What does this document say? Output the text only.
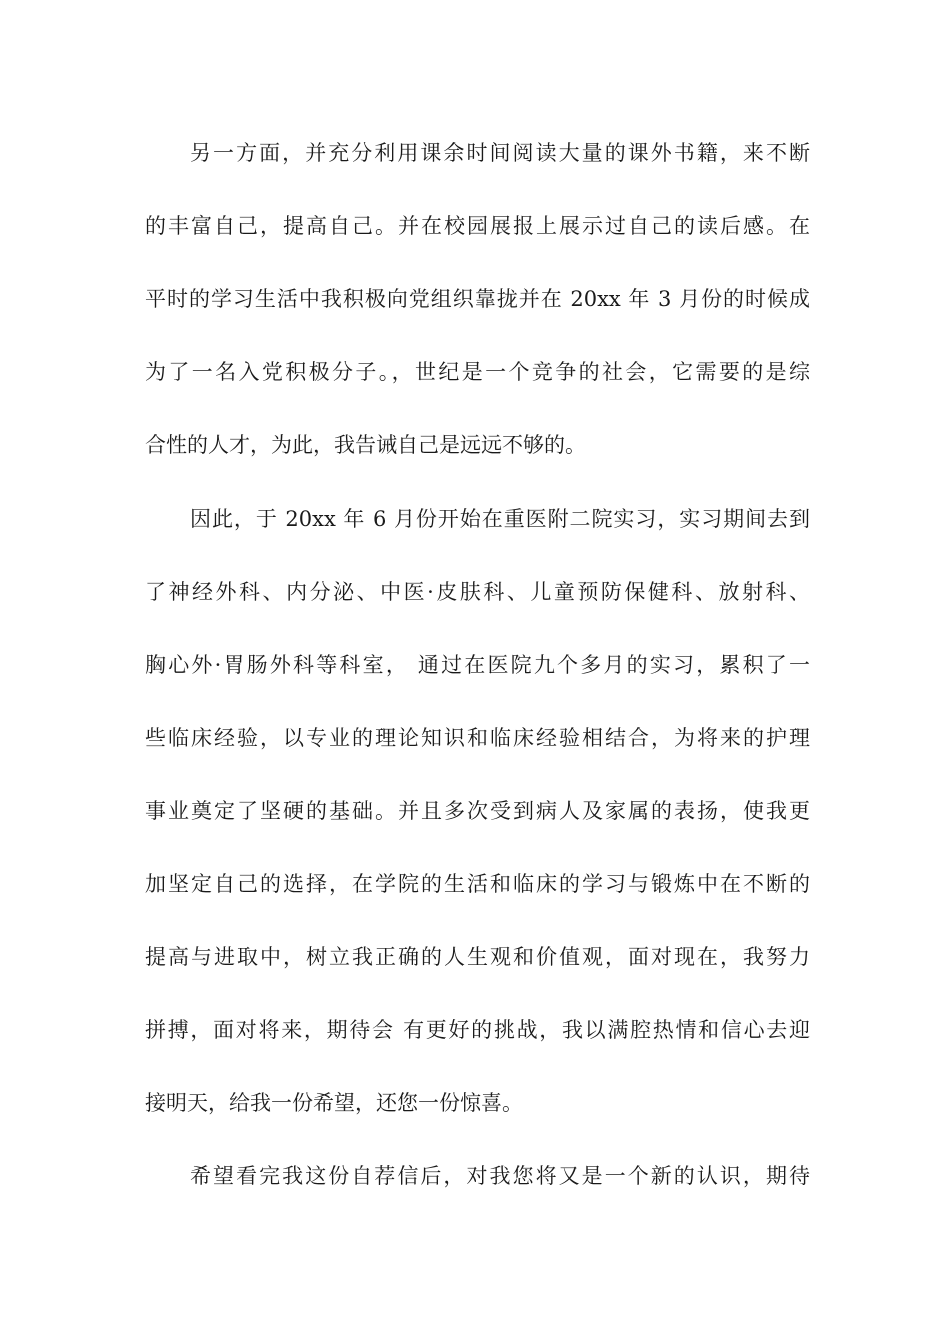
另一方面，并充分利用课余时间阅读大量的课外书籍，来不断
的丰富自己，提高自己。并在校园展报上展示过自己的读后感。在
平时的学习生活中我积极向党组织靠拢并在 20xx 年 3 月份的时候成
为了一名入党积极分子。，世纪是一个竞争的社会，它需要的是综
合性的人才，为此，我告诫自己是远远不够的。
因此，于 20xx 年 6 月份开始在重医附二院实习，实习期间去到
了神经外科、内分泌、中医·皮肤科、儿童预防保健科、放射科、
胸心外·胃肠外科等科室， 通过在医院九个多月的实习，累积了一
些临床经验，以专业的理论知识和临床经验相结合，为将来的护理
事业奠定了坚硬的基础。并且多次受到病人及家属的表扬，使我更
加坚定自己的选择，在学院的生活和临床的学习与锻炼中在不断的
提高与进取中，树立我正确的人生观和价值观，面对现在，我努力
拼搏，面对将来，期待会 有更好的挑战，我以满腔热情和信心去迎
接明天，给我一份希望，还您一份惊喜。
希望看完我这份自荐信后，对我您将又是一个新的认识，期待
